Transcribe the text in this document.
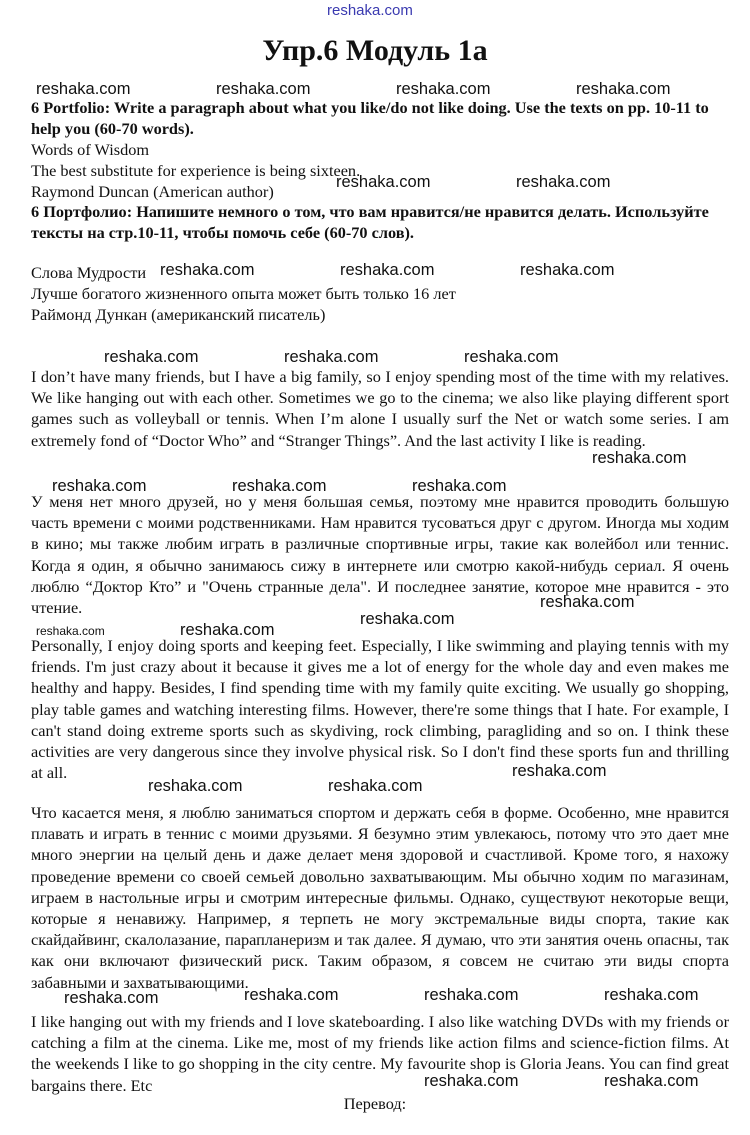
reshaka.com
reshaka.com	reshaka.com	reshaka.com	reshaka.com
reshaka.com	reshaka.com
reshaka.com	reshaka.com	reshaka.com
reshaka.com	reshaka.com	reshaka.com
reshaka.com
reshaka.com	reshaka.com	reshaka.com
reshaka.com
reshaka.com
reshaka.com	reshaka.com
reshaka.com
reshaka.com	reshaka.com
reshaka.com	reshaka.com	reshaka.com	reshaka.com
reshaka.com	reshaka.com
Упр.6 Модуль 1а

6 Portfolio: Write a paragraph about what you like/do not like doing. Use the texts on pp. 10-11 to help you (60-70 words).

Words of Wisdom

The best substitute for experience is being sixteen.

Raymond Duncan (American author)

6 Портфолио: Напишите немного о том, что вам нравится/не нравится делать. Используйте тексты на стр.10-11, чтобы помочь себе (60-70 слов).

Слова Мудрости

Лучше богатого жизненного опыта может быть только 16 лет

Раймонд Дункан (американский писатель)

I don’t have many friends, but I have a big family, so I enjoy spending most of the time with my relatives. We like hanging out with each other. Sometimes we go to the cinema; we also like playing different sport games such as volleyball or tennis. When I’m alone I usually surf the Net or watch some series. I am extremely fond of “Doctor Who” and “Stranger Things”. And the last activity I like is reading.

У меня нет много друзей, но у меня большая семья, поэтому мне нравится проводить большую часть времени с моими родственниками. Нам нравится тусоваться друг с другом. Иногда мы ходим в кино; мы также любим играть в различные спортивные игры, такие как волейбол или теннис. Когда я один, я обычно занимаюсь сижу в интернете или смотрю какой-нибудь сериал. Я очень люблю “Доктор Кто” и "Очень странные дела". И последнее занятие, которое мне нравится - это чтение.

Personally, I enjoy doing sports and keeping feet. Especially, I like swimming and playing tennis with my friends. I'm just crazy about it because it gives me a lot of energy for the whole day and even makes me healthy and happy. Besides, I find spending time with my family quite exciting. We usually go shopping, play table games and watching interesting films. However, there're some things that I hate. For example, I can't stand doing extreme sports such as skydiving, rock climbing, paragliding and so on. I think these activities are very dangerous since they involve physical risk. So I don't find these sports fun and thrilling at all.

Что касается меня, я люблю заниматься спортом и держать себя в форме. Особенно, мне нравится плавать и играть в теннис с моими друзьями. Я безумно этим увлекаюсь, потому что это дает мне много энергии на целый день и даже делает меня здоровой и счастливой. Кроме того, я нахожу проведение времени со своей семьей довольно захватывающим. Мы обычно ходим по магазинам, играем в настольные игры и смотрим интересные фильмы. Однако, существуют некоторые вещи, которые я ненавижу. Например, я терпеть не могу экстремальные виды спорта, такие как скайдайвинг, скалолазание, парапланеризм и так далее. Я думаю, что эти занятия очень опасны, так как они включают физический риск. Таким образом, я совсем не считаю эти виды спорта забавными и захватывающими.

I like hanging out with my friends and I love skateboarding. I also like watching DVDs with my friends or catching a film at the cinema. Like me, most of my friends like action films and science-fiction films. At the weekends I like to go shopping in the city centre. My favourite shop is Gloria Jeans. You can find great bargains there. Etc

Перевод:
